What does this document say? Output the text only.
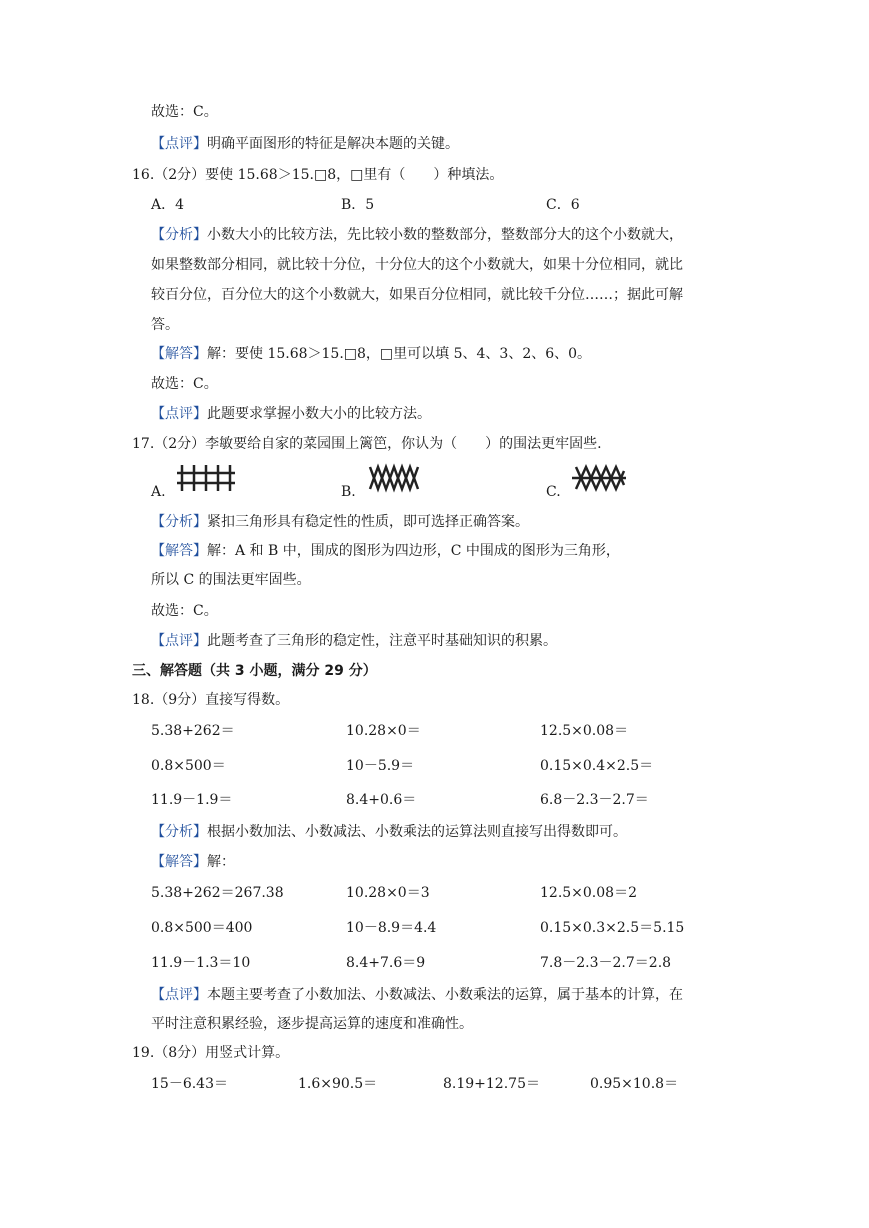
故选：C。
【点评】明确平面图形的特征是解决本题的关键。
16.（2分）要使 15.68＞15.□8，□里有（　　）种填法。
A．4	B．5	C．6
【分析】小数大小的比较方法，先比较小数的整数部分，整数部分大的这个小数就大，
如果整数部分相同，就比较十分位，十分位大的这个小数就大，如果十分位相同，就比
较百分位，百分位大的这个小数就大，如果百分位相同，就比较千分位……；据此可解
答。
【解答】解：要使 15.68＞15.□8，□里可以填 5、4、3、2、6、0。
故选：C。
【点评】此题要求掌握小数大小的比较方法。
17.（2分）李敏要给自家的菜园围上篱笆，你认为（　　）的围法更牢固些.
A.	B.	C.
【分析】紧扣三角形具有稳定性的性质，即可选择正确答案。
【解答】解：A 和 B 中，围成的图形为四边形，C 中围成的图形为三角形，
所以 C 的围法更牢固些。
故选：C。
【点评】此题考查了三角形的稳定性，注意平时基础知识的积累。
三、解答题（共 3 小题，满分 29 分）
18.（9分）直接写得数。
5.38+262＝	10.28×0＝	12.5×0.08＝
0.8×500＝	10－5.9＝	0.15×0.4×2.5＝
11.9－1.9＝	8.4+0.6＝	6.8－2.3－2.7＝
【分析】根据小数加法、小数减法、小数乘法的运算法则直接写出得数即可。
【解答】解：
5.38+262＝267.38	10.28×0＝3	12.5×0.08＝2
0.8×500＝400	10－8.9＝4.4	0.15×0.3×2.5＝5.15
11.9－1.3＝10	8.4+7.6＝9	7.8－2.3－2.7＝2.8
【点评】本题主要考查了小数加法、小数减法、小数乘法的运算，属于基本的计算，在
平时注意积累经验，逐步提高运算的速度和准确性。
19.（8分）用竖式计算。
15－6.43＝	1.6×90.5＝	8.19+12.75＝	0.95×10.8＝
